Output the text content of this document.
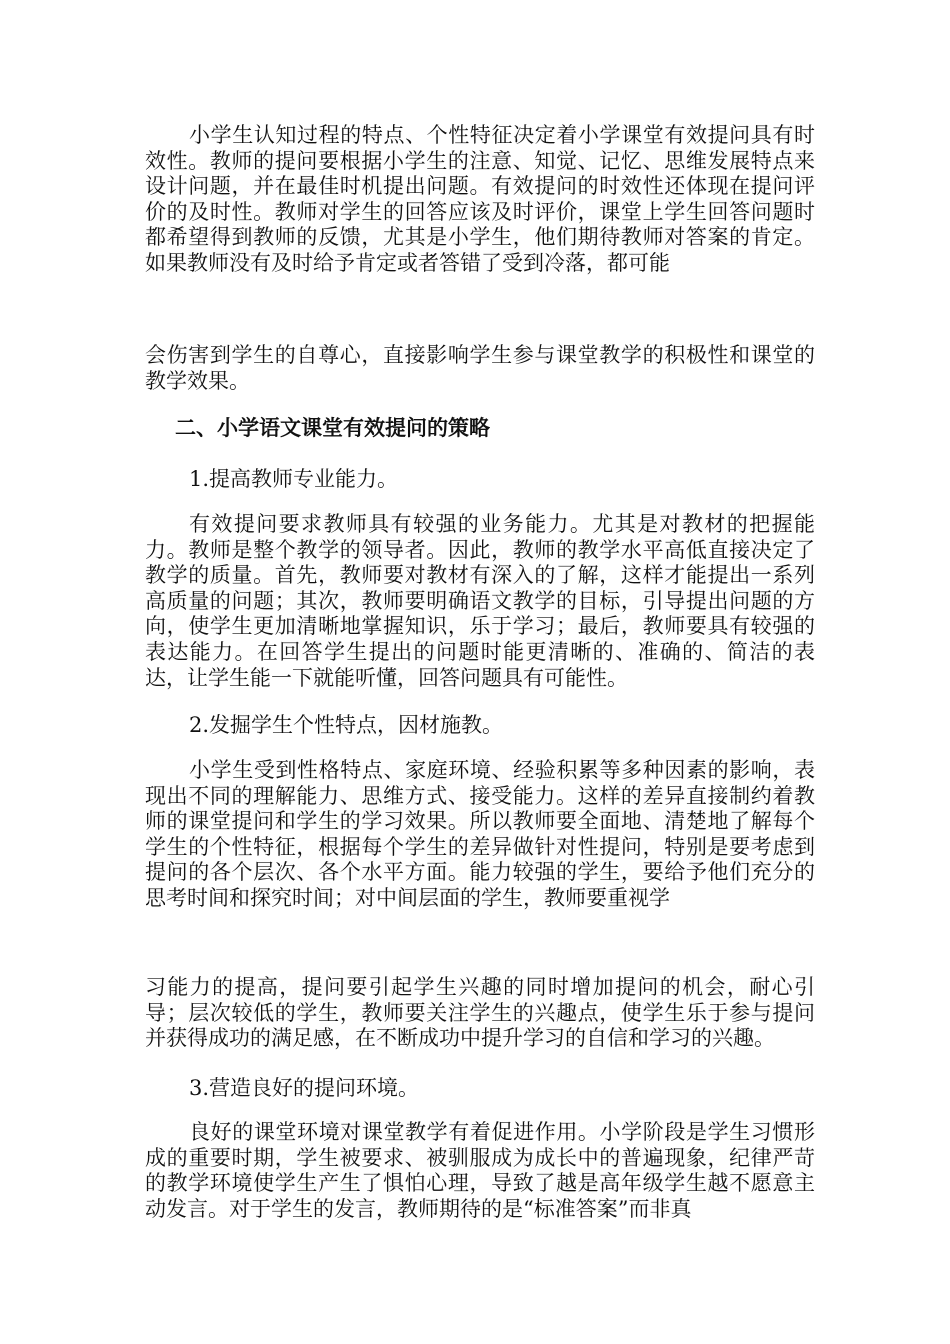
小学生认知过程的特点、个性特征决定着小学课堂有效提问具有时效性。教师的提问要根据小学生的注意、知觉、记忆、思维发展特点来设计问题，并在最佳时机提出问题。有效提问的时效性还体现在提问评价的及时性。教师对学生的回答应该及时评价，课堂上学生回答问题时都希望得到教师的反馈，尤其是小学生，他们期待教师对答案的肯定。如果教师没有及时给予肯定或者答错了受到冷落，都可能

会伤害到学生的自尊心，直接影响学生参与课堂教学的积极性和课堂的教学效果。

二、小学语文课堂有效提问的策略

1.提高教师专业能力。

有效提问要求教师具有较强的业务能力。尤其是对教材的把握能力。教师是整个教学的领导者。因此，教师的教学水平高低直接决定了教学的质量。首先，教师要对教材有深入的了解，这样才能提出一系列高质量的问题；其次，教师要明确语文教学的目标，引导提出问题的方向，使学生更加清晰地掌握知识，乐于学习；最后，教师要具有较强的表达能力。在回答学生提出的问题时能更清晰的、准确的、简洁的表达，让学生能一下就能听懂，回答问题具有可能性。

2.发掘学生个性特点，因材施教。

小学生受到性格特点、家庭环境、经验积累等多种因素的影响，表现出不同的理解能力、思维方式、接受能力。这样的差异直接制约着教师的课堂提问和学生的学习效果。所以教师要全面地、清楚地了解每个学生的个性特征，根据每个学生的差异做针对性提问，特别是要考虑到提问的各个层次、各个水平方面。能力较强的学生，要给予他们充分的思考时间和探究时间；对中间层面的学生，教师要重视学

习能力的提高，提问要引起学生兴趣的同时增加提问的机会，耐心引导；层次较低的学生，教师要关注学生的兴趣点，使学生乐于参与提问并获得成功的满足感，在不断成功中提升学习的自信和学习的兴趣。

3.营造良好的提问环境。

良好的课堂环境对课堂教学有着促进作用。小学阶段是学生习惯形成的重要时期，学生被要求、被驯服成为成长中的普遍现象，纪律严苛的教学环境使学生产生了惧怕心理，导致了越是高年级学生越不愿意主动发言。对于学生的发言，教师期待的是“标准答案”而非真
